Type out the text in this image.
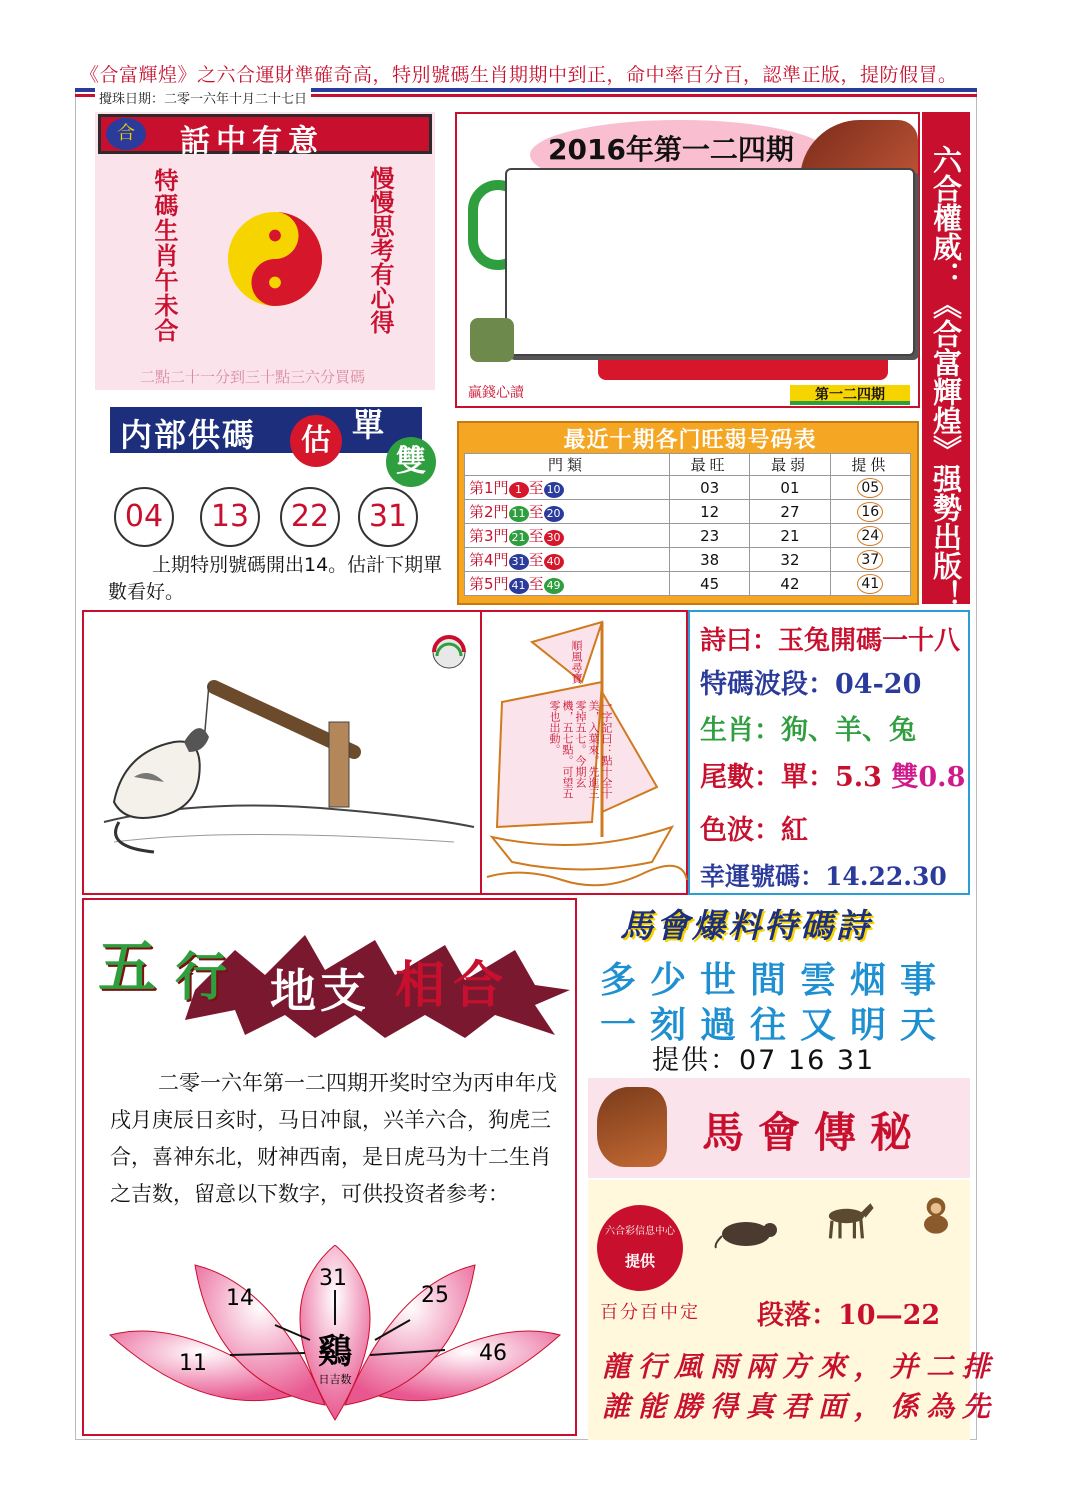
《合富輝煌》之六合運財準確奇高，特別號碼生肖期期中到正，命中率百分百，認準正版，提防假冒。
攪珠日期：二零一六年十月二十七日
合	話中有意
特碼生肖午未合	慢慢思考有心得
二點二十一分到三十點三六分買碼
内部供碼	估 單
雙
04	13	22	31
上期特別號碼開出14。估計下期單數看好。
2016年第一二四期
贏錢心讀	第一二四期	六合權威：《合富輝煌》强勢出版！
最近十期各门旺弱号码表
門類	最旺	最弱	提供
第1門 1 至 10	03	01	05
第2門 11 至 20	12	27	16
第3門 21 至 30	23	21	24
第4門 31 至 40	38	32	37
第5門 41 至 49	45	42	41
順風尋寶
一字記曰：點十全十美，入葉來。先進三零掉五七。今期玄機，五七點。可望五零也出動。
詩曰：玉兔開碼一十八
特碼波段：04-20
生肖：狗、羊、兔
尾數：單：5.3 雙0.8
色波：紅
幸運號碼：14.22.30
五 行 地支 相合
二零一六年第一二四期开奖时空为丙申年戊戌月庚辰日亥时，马日冲鼠，兴羊六合，狗虎三合，喜神东北，财神西南，是日虎马为十二生肖之吉数，留意以下数字，可供投资者参考：
31
14	25
11	46
鷄
日吉数
馬會爆料特碼詩
多少世間雲烟事
一刻過往又明天
提供：07 16 31
馬會傳秘
六合彩信息中心
提供
百分百中定 段落：10—22
龍行風雨兩方來，并二排
誰能勝得真君面，係為先
